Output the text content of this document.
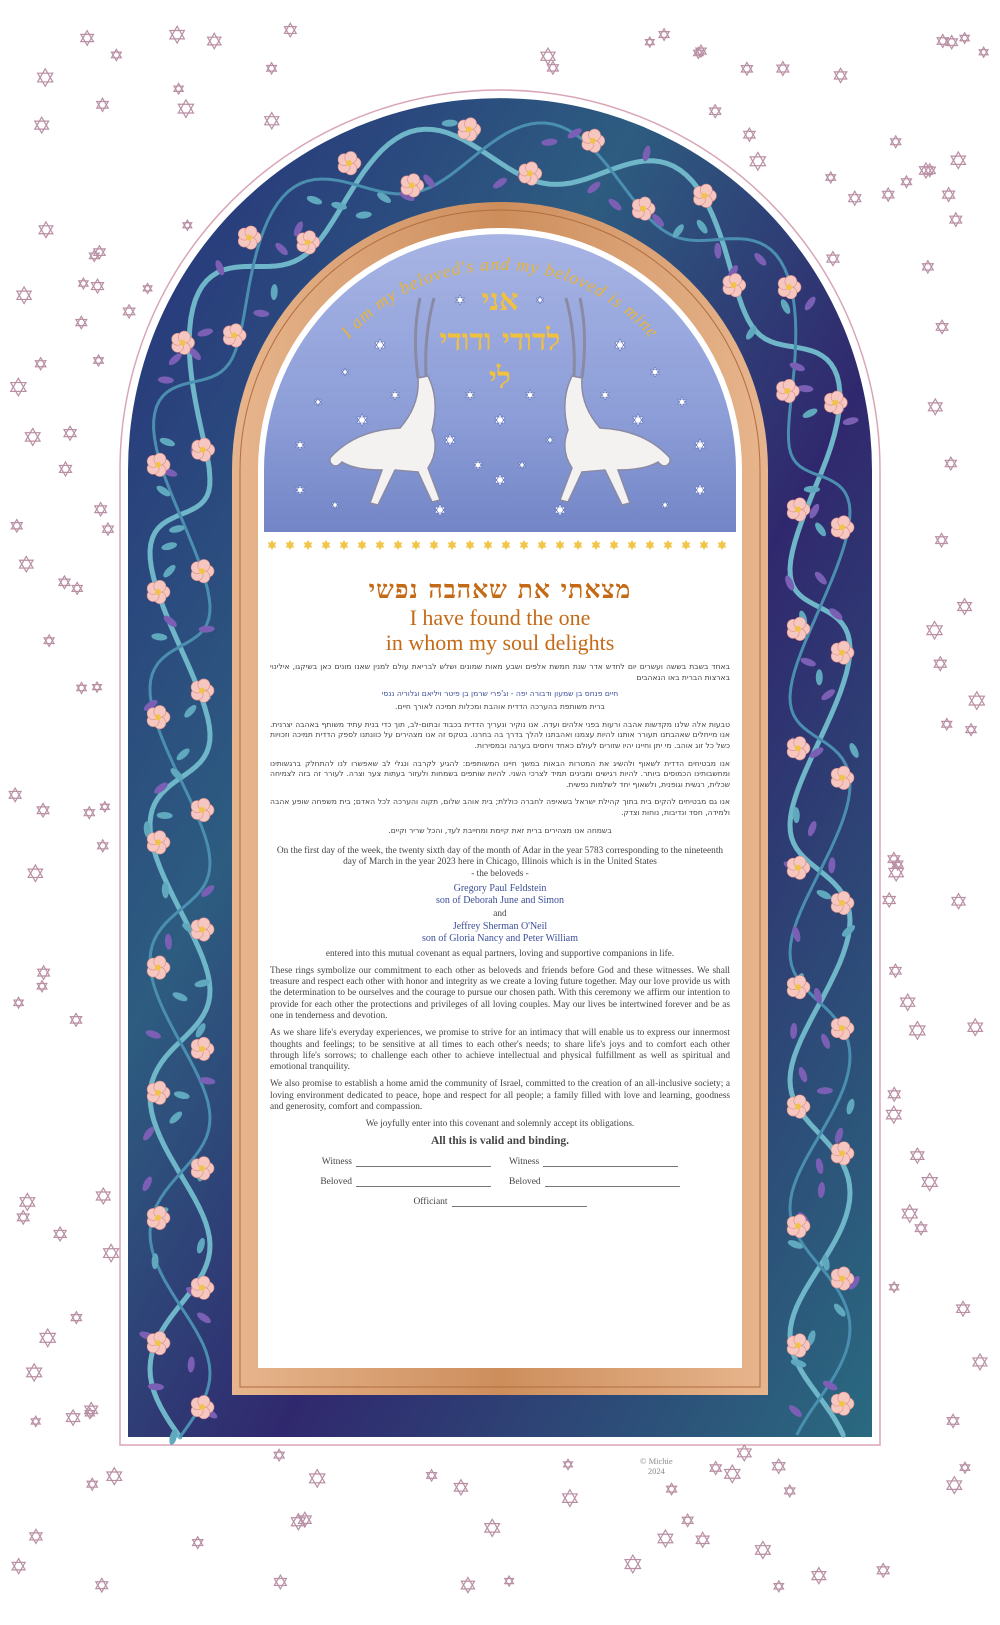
I am my beloved's and my beloved is mine
אני
לדודי ודודי
לי

מצאתי את שאהבה נפשי

I have found the one

in whom my soul delights

באחד בשבת בששה ועשרים יום לחדש אדר שנת חמשת אלפים ושבע מאות שמונים ושלש לבריאת עולם למנין שאנו מונים כאן בשיקגו, אילינוי בארצות הברית באו הנאהבים

חיים פנחס בן שמעון ודבורה יפה - וג'פרי שרמן בן פיטר ויליאם וגלוריה ננסי

ברית משותפת בהערכה הדדית אוהבת ומכלות תמיכה לאורך חיים.

טבעות אלה שלנו מקדשות אהבה ורעות בפני אלהים ועדה. אנו נוקיר ונעריך הדדית בכבוד ובתום-לב, תוך כדי בנית עתיד משותף באהבה יצרנית. אנו מייחלים שאהבתנו תעורר אותנו להיות עצמנו ואהבתנו להלך בדרך בה בחרנו. בטקס זה אנו מצהירים על כוונתנו לספק הדדית תמיכה וזכויות כשל כל זוג אוהב. מי יתן וחיינו יהיו שזורים לעולם כאחד ויחסים בערגה ובמסירות.

אנו מבטיחים הדדית לשאוף ולהשיג את המטרות הבאות במשך חיינו המשותפים: להגיע לקרבה ונגלי לב שאפשרו לנו להתחלק ברגשותינו ומחשבותינו הכמוסים ביותר. להיות רגישים ומבינים תמיד לצרכי השני. להיות שותפים בשמחות ולעזור בעתות צער וצרה. לעורר זה בזה לצמיחה שכלית, רגשית וגופנית, ולשאוף יחד לשלמות נפשית.

אנו גם מבטיחים להקים בית בתוך קהילת ישראל בשאיפה לחברה כוללת; בית אוהב שלום, תקוה והערכה לכל האדם; בית משפחה שופע אהבה ולמידה, חסד ונדיבות, נוחות וצדק.

בשמחה אנו מצהירים ברית זאת קיימת ומחייבת לעד, והכל שריר וקיים.

On the first day of the week, the twenty sixth day of the month of Adar in the year 5783 corresponding to the nineteenth day of March in the year 2023 here in Chicago, Illinois which is in the United States

- the beloveds -

Gregory Paul Feldstein

son of Deborah June and Simon

and

Jeffrey Sherman O'Neil

son of Gloria Nancy and Peter William

entered into this mutual covenant as equal partners, loving and supportive companions in life.

These rings symbolize our commitment to each other as beloveds and friends before God and these witnesses. We shall treasure and respect each other with honor and integrity as we create a loving future together. May our love provide us with the determination to be ourselves and the courage to pursue our chosen path. With this ceremony we affirm our intention to provide for each other the protections and privileges of all loving couples. May our lives be intertwined forever and be as one in tenderness and devotion.

As we share life's everyday experiences, we promise to strive for an intimacy that will enable us to express our innermost thoughts and feelings; to be sensitive at all times to each other's needs; to share life's joys and to comfort each other through life's sorrows; to challenge each other to achieve intellectual and physical fulfillment as well as spiritual and emotional tranquility.

We also promise to establish a home amid the community of Israel, committed to the creation of an all-inclusive society; a loving environment dedicated to peace, hope and respect for all people; a family filled with love and learning, goodness and generosity, comfort and compassion.

We joyfully enter into this covenant and solemnly accept its obligations.

All this is valid and binding.
Witness	Witness
Beloved	Beloved
Officiant
© Michie
2024
